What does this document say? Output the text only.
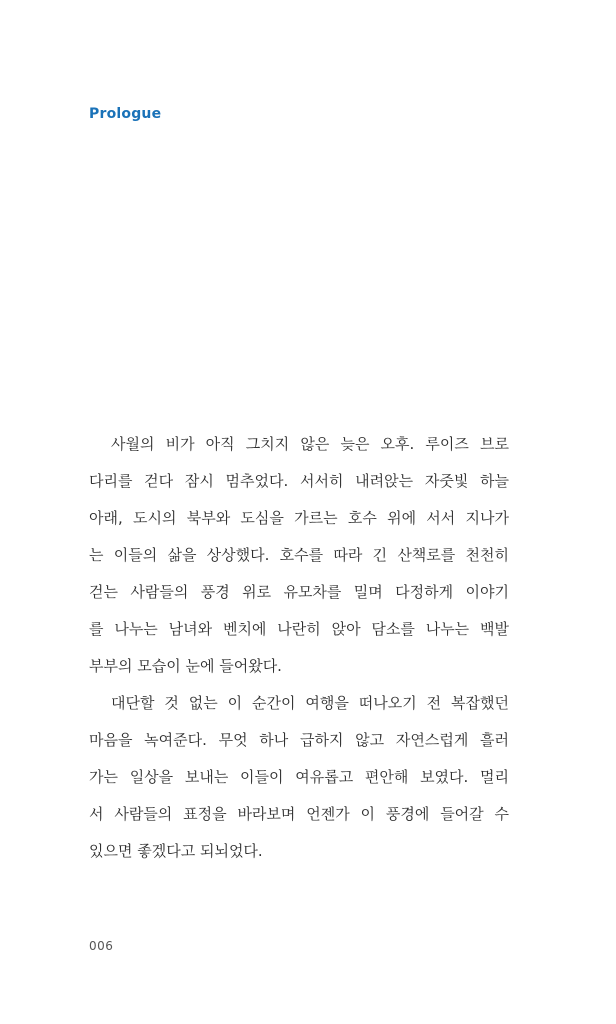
Prologue
사월의 비가 아직 그치지 않은 늦은 오후. 루이즈 브로
다리를 걷다 잠시 멈추었다. 서서히 내려앉는 자줏빛 하늘
아래, 도시의 북부와 도심을 가르는 호수 위에 서서 지나가
는 이들의 삶을 상상했다. 호수를 따라 긴 산책로를 천천히
걷는 사람들의 풍경 위로 유모차를 밀며 다정하게 이야기
를 나누는 남녀와 벤치에 나란히 앉아 담소를 나누는 백발
부부의 모습이 눈에 들어왔다.
대단할 것 없는 이 순간이 여행을 떠나오기 전 복잡했던
마음을 녹여준다. 무엇 하나 급하지 않고 자연스럽게 흘러
가는 일상을 보내는 이들이 여유롭고 편안해 보였다. 멀리
서 사람들의 표정을 바라보며 언젠가 이 풍경에 들어갈 수
있으면 좋겠다고 되뇌었다.
006
